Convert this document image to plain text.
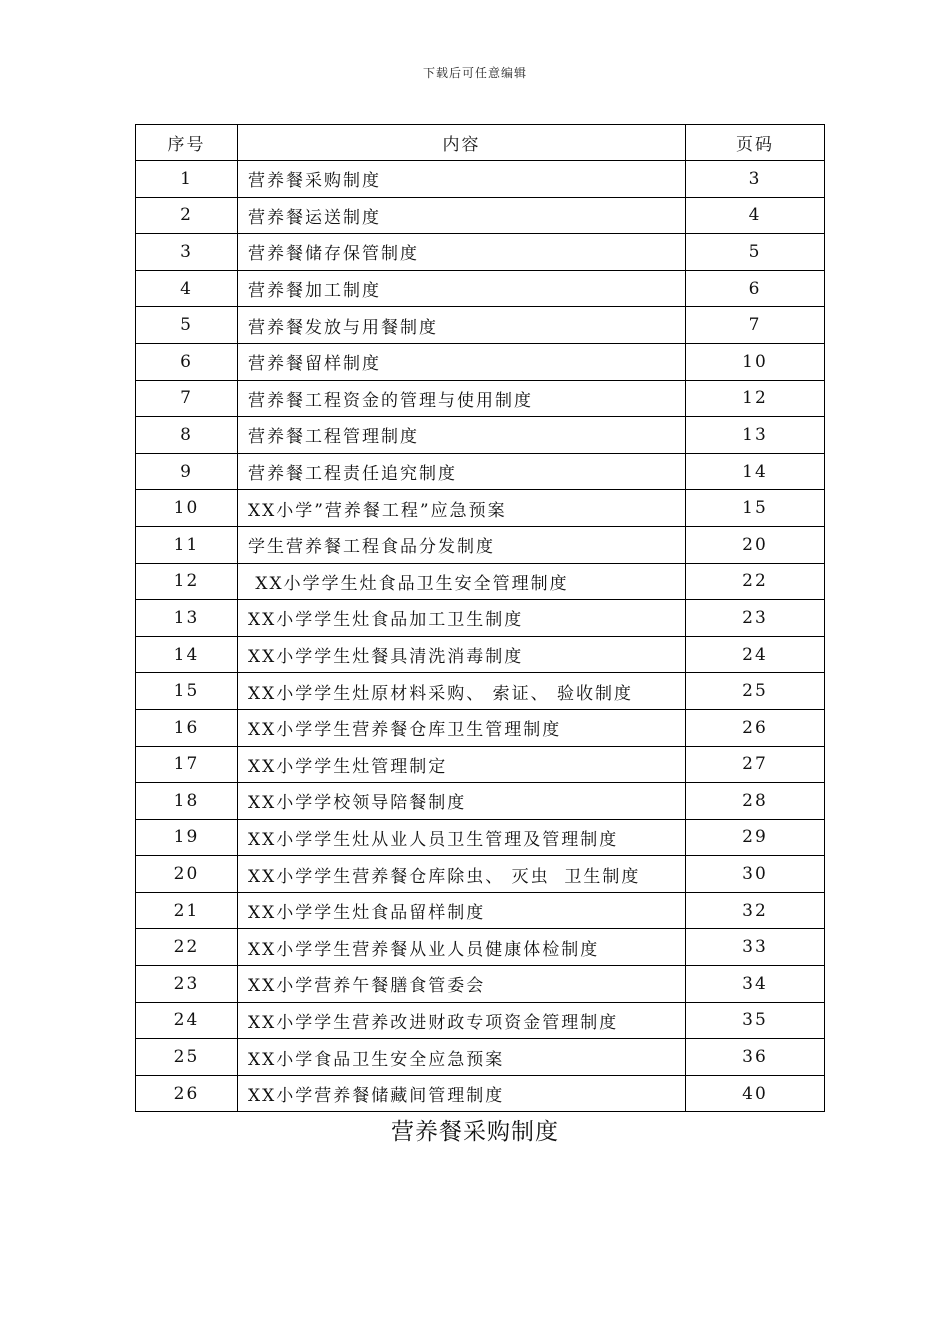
下载后可任意编辑
序号	内容	页码
1	营养餐采购制度	3
2	营养餐运送制度	4
3	营养餐储存保管制度	5
4	营养餐加工制度	6
5	营养餐发放与用餐制度	7
6	营养餐留样制度	10
7	营养餐工程资金的管理与使用制度	12
8	营养餐工程管理制度	13
9	营养餐工程责任追究制度	14
10	XX小学”营养餐工程”应急预案	15
11	学生营养餐工程食品分发制度	20
12	XX小学学生灶食品卫生安全管理制度	22
13	XX小学学生灶食品加工卫生制度	23
14	XX小学学生灶餐具清洗消毒制度	24
15	XX小学学生灶原材料采购、 索证、 验收制度	25
16	XX小学学生营养餐仓库卫生管理制度	26
17	XX小学学生灶管理制定	27
18	XX小学学校领导陪餐制度	28
19	XX小学学生灶从业人员卫生管理及管理制度	29
20	XX小学学生营养餐仓库除虫、 灭虫  卫生制度	30
21	XX小学学生灶食品留样制度	32
22	XX小学学生营养餐从业人员健康体检制度	33
23	XX小学营养午餐膳食管委会	34
24	XX小学学生营养改进财政专项资金管理制度	35
25	XX小学食品卫生安全应急预案	36
26	XX小学营养餐储藏间管理制度	40
营养餐采购制度
